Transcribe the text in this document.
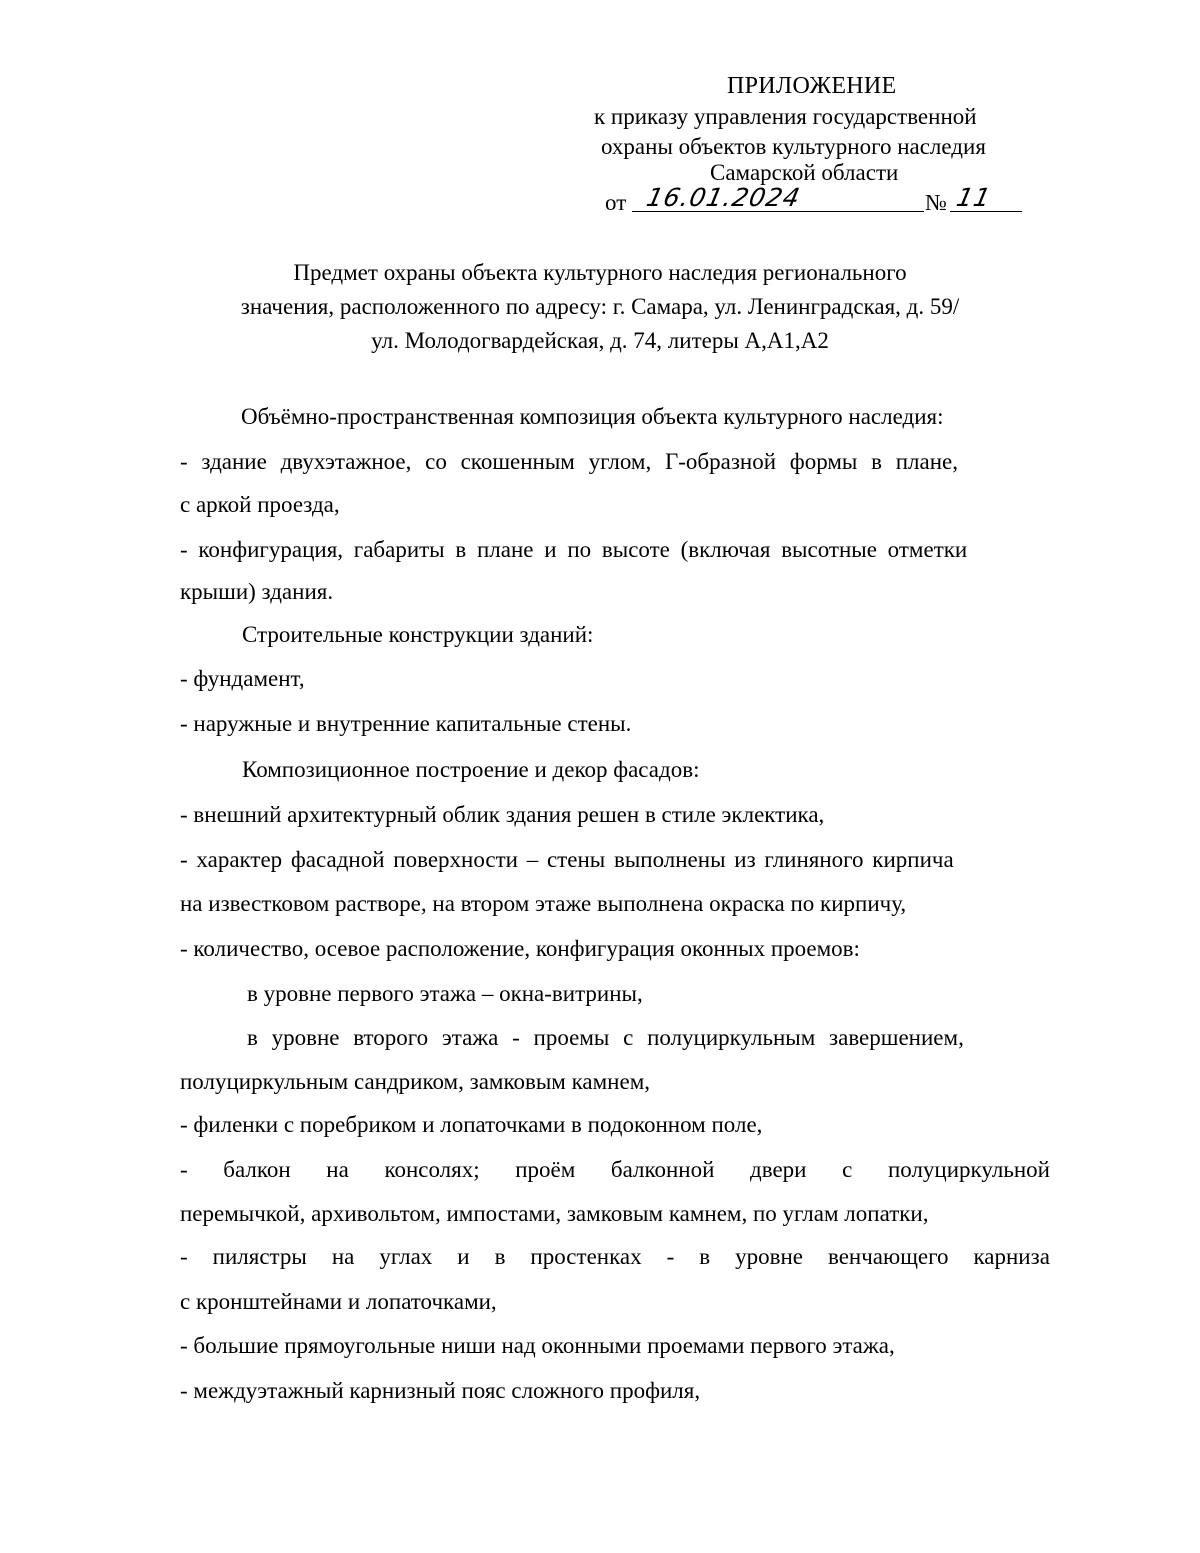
ПРИЛОЖЕНИЕ
к приказу управления государственной
охраны объектов культурного наследия
Самарской области
от 16.01.2024	№ 11
Предмет охраны объекта культурного наследия регионального
значения, расположенного по адресу: г. Самара, ул. Ленинградская, д. 59/
ул. Молодогвардейская, д. 74, литеры А,А1,А2
Объёмно-пространственная композиция объекта культурного наследия:
- здание двухэтажное, со скошенным углом, Г-образной формы в плане,
с аркой проезда,
- конфигурация, габариты в плане и по высоте (включая высотные отметки
крыши) здания.
Строительные конструкции зданий:
- фундамент,
- наружные и внутренние капитальные стены.
Композиционное построение и декор фасадов:
- внешний архитектурный облик здания решен в стиле эклектика,
- характер фасадной поверхности – стены выполнены из глиняного кирпича
на известковом растворе, на втором этаже выполнена окраска по кирпичу,
- количество, осевое расположение, конфигурация оконных проемов:
в уровне первого этажа – окна-витрины,
в уровне второго этажа - проемы с полуциркульным завершением,
полуциркульным сандриком, замковым камнем,
- филенки с поребриком и лопаточками в подоконном поле,
- балкон на консолях; проём балконной двери с полуциркульной
перемычкой, архивольтом, импостами, замковым камнем, по углам лопатки,
- пилястры на углах и в простенках - в уровне венчающего карниза
с кронштейнами и лопаточками,
- большие прямоугольные ниши над оконными проемами первого этажа,
- междуэтажный карнизный пояс сложного профиля,
